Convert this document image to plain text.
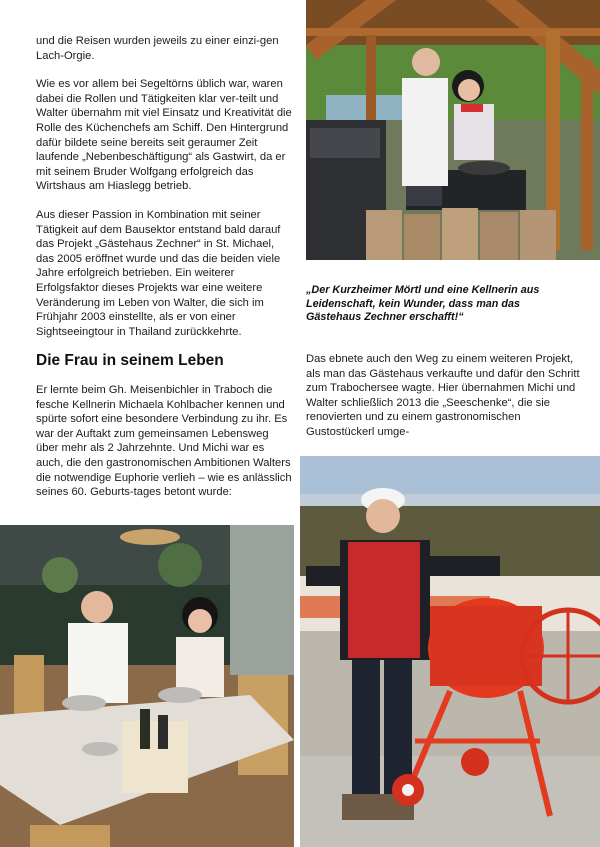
und die Reisen wurden jeweils zu einer einzi-gen Lach-Orgie.

Wie es vor allem bei Segeltörns üblich war, waren dabei die Rollen und Tätigkeiten klar ver-teilt und Walter übernahm mit viel Einsatz und Kreativität die Rolle des Küchenchefs am Schiff. Den Hintergrund dafür bildete seine bereits seit geraumer Zeit laufende „Nebenbeschäftigung“ als Gastwirt, da er mit seinem Bruder Wolfgang erfolgreich das Wirtshaus am Hiaslegg betrieb.

Aus dieser Passion in Kombination mit seiner Tätigkeit auf dem Bausektor entstand bald darauf das Projekt „Gästehaus Zechner“ in St. Michael, das 2005 eröffnet wurde und das die beiden viele Jahre erfolgreich betrieben. Ein weiterer Erfolgsfaktor dieses Projekts war eine weitere Veränderung im Leben von Walter, die sich im Frühjahr 2003 einstellte, als er von einer Sightseeingtour in Thailand zurückkehrte.

Die Frau in seinem Leben

Er lernte beim Gh. Meisenbichler in Traboch die fesche Kellnerin Michaela Kohlbacher kennen und spürte sofort eine besondere Verbindung zu ihr. Es war der Auftakt zum gemeinsamen Lebensweg über mehr als 2 Jahrzehnte. Und Michi war es auch, die den gastronomischen Ambitionen Walters die notwendige Euphorie verlieh – wie es anlässlich seines 60. Geburts-tages betont wurde:

„Der Kurzheimer Mörtl und eine Kellnerin aus Leidenschaft, kein Wunder, dass man das Gästehaus Zechner erschafft!“

Das ebnete auch den Weg zu einem weiteren Projekt, als man das Gästehaus verkaufte und dafür den Schritt zum Trabochersee wagte. Hier übernahmen Michi und Walter schließlich 2013 die „Seeschenke“, die sie renovierten und zu einem gastronomischen Gustostückerl umge-
